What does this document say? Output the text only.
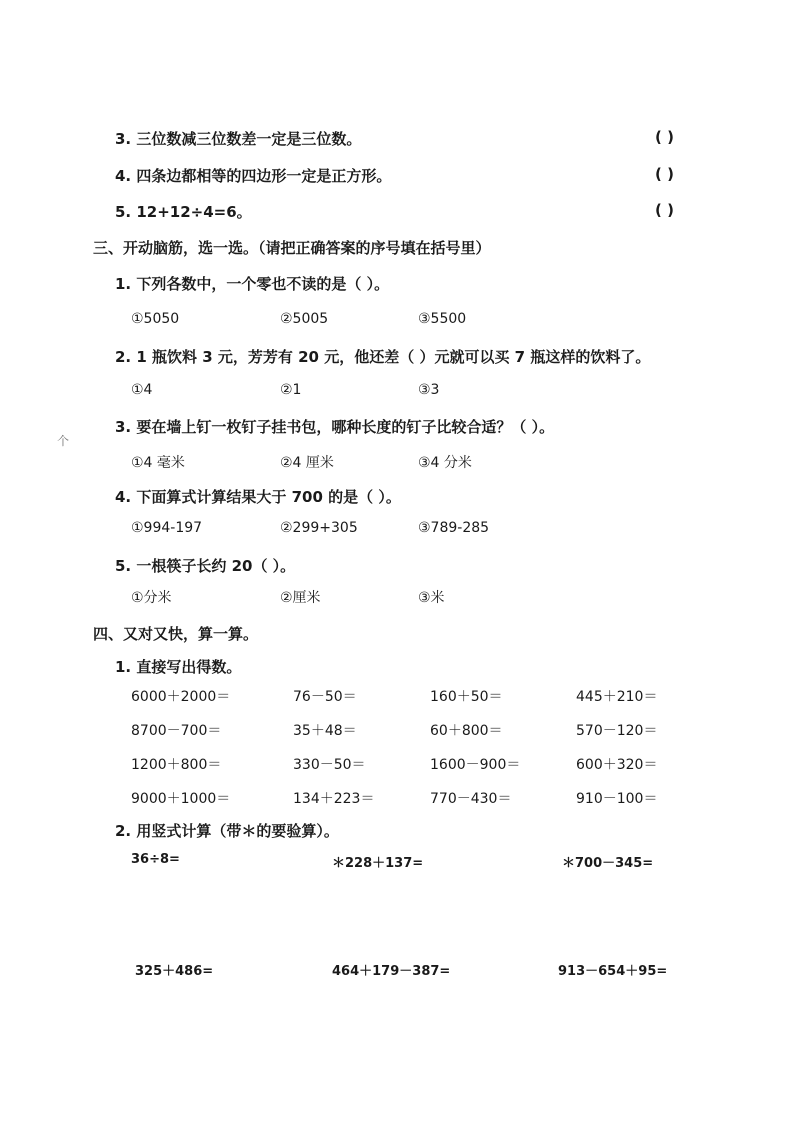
3. 三位数减三位数差一定是三位数。	( )
4. 四条边都相等的四边形一定是正方形。	( )
5. 12+12÷4=6。	( )
三、开动脑筋，选一选。（请把正确答案的序号填在括号里）
1. 下列各数中，一个零也不读的是（ ）。
①5050	②5005	③5500
2. 1 瓶饮料 3 元，芳芳有 20 元，他还差（ ）元就可以买 7 瓶这样的饮料了。
①4	②1	③3
3. 要在墙上钉一枚钉子挂书包，哪种长度的钉子比较合适？（ ）。
①4 毫米	②4 厘米	③4 分米
4. 下面算式计算结果大于 700 的是（ ）。
①994-197	②299+305	③789-285
5. 一根筷子长约 20（ ）。
①分米	②厘米	③米
四、又对又快，算一算。
1. 直接写出得数。
6000＋2000＝	76－50＝	160＋50＝	445＋210＝
8700－700＝	35＋48＝	60＋800＝	570－120＝
1200＋800＝	330－50＝	1600－900＝	600＋320＝
9000＋1000＝	134＋223＝	770－430＝	910－100＝
2. 用竖式计算（带＊的要验算）。
36÷8=	＊228＋137=	＊700－345=
325＋486=	464＋179－387=	913－654＋95=
个
